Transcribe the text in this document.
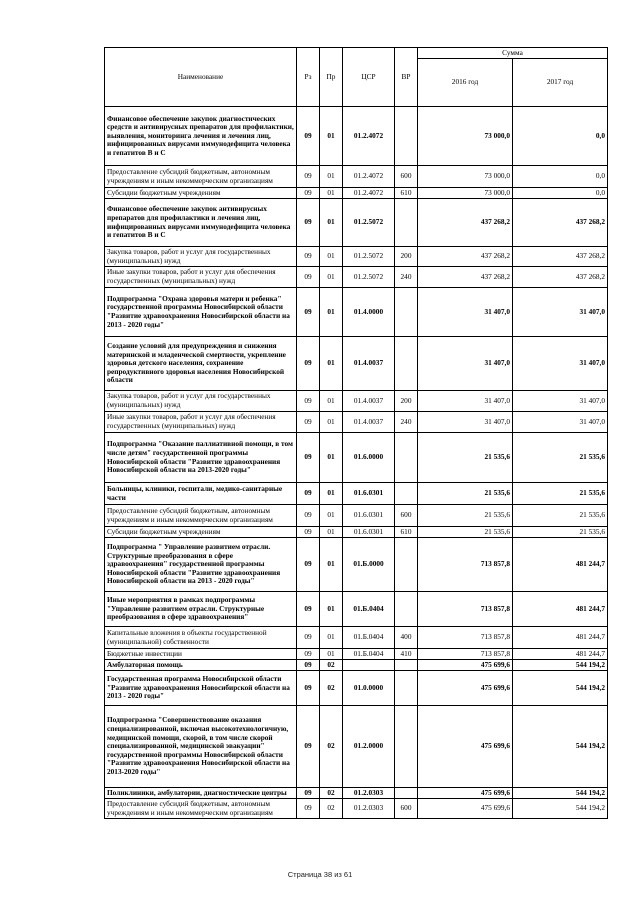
Наименование	Рз	Пр	ЦСР	ВР	Сумма	
					2016 год	2017 год
Финансовое обеспечение закупок диагностических средств и антивирусных препаратов для профилактики, выявления, мониторинга лечения и лечения лиц, инфицированных вирусами иммунодефицита человека и гепатитов В и С	09	01	01.2.4072		73 000,0	0,0
Предоставление субсидий бюджетным, автономным учреждениям и иным некоммерческим организациям	09	01	01.2.4072	600	73 000,0	0,0
Субсидии бюджетным учреждениям	09	01	01.2.4072	610	73 000,0	0,0
Финансовое обеспечение закупок антивирусных препаратов для профилактики и лечения лиц, инфицированных вирусами иммунодефицита человека и гепатитов В и С	09	01	01.2.5072		437 268,2	437 268,2
Закупка товаров, работ и услуг для государственных (муниципальных) нужд	09	01	01.2.5072	200	437 268,2	437 268,2
Иные закупки товаров, работ и услуг для обеспечения государственных (муниципальных) нужд	09	01	01.2.5072	240	437 268,2	437 268,2
Подпрограмма "Охрана здоровья матери и ребенка" государственной программы Новосибирской области "Развитие здравоохранения Новосибирской области на 2013 - 2020 годы"	09	01	01.4.0000		31 407,0	31 407,0
Создание условий для предупреждения и снижения материнской и младенческой смертности, укрепление здоровья детского населения, сохранение репродуктивного здоровья населения Новосибирской области	09	01	01.4.0037		31 407,0	31 407,0
Закупка товаров, работ и услуг для государственных (муниципальных) нужд	09	01	01.4.0037	200	31 407,0	31 407,0
Иные закупки товаров, работ и услуг для обеспечения государственных (муниципальных) нужд	09	01	01.4.0037	240	31 407,0	31 407,0
Подпрограмма "Оказание паллиативной помощи, в том числе детям" государственной программы Новосибирской области "Развитие здравоохранения Новосибирской области на 2013-2020 годы"	09	01	01.6.0000		21 535,6	21 535,6
Больницы, клиники, госпитали, медико-санитарные части	09	01	01.6.0301		21 535,6	21 535,6
Предоставление субсидий бюджетным, автономным учреждениям и иным некоммерческим организациям	09	01	01.6.0301	600	21 535,6	21 535,6
Субсидии бюджетным учреждениям	09	01	01.6.0301	610	21 535,6	21 535,6
Подпрограмма " Управление развитием отрасли. Структурные преобразования в сфере здравоохранения" государственной программы Новосибирской области "Развитие здравоохранения Новосибирской области на 2013 - 2020 годы"	09	01	01.Б.0000		713 857,8	481 244,7
Иные мероприятия в рамках подпрограммы "Управление развитием отрасли. Структурные преобразования в сфере здравоохранения"	09	01	01.Б.0404		713 857,8	481 244,7
Капитальные вложения в объекты государственной (муниципальной) собственности	09	01	01.Б.0404	400	713 857,8	481 244,7
Бюджетные инвестиции	09	01	01.Б.0404	410	713 857,8	481 244,7
Амбулаторная помощь	09	02			475 699,6	544 194,2
Государственная программа Новосибирской области "Развитие здравоохранения Новосибирской области на 2013 - 2020 годы"	09	02	01.0.0000		475 699,6	544 194,2
Подпрограмма "Совершенствование оказания специализированной, включая высокотехнологичную, медицинской помощи, скорой, в том числе скорой специализированной, медицинской эвакуации" государственной программы Новосибирской области "Развитие здравоохранения Новосибирской области на 2013-2020 годы"	09	02	01.2.0000		475 699,6	544 194,2
Поликлиники, амбулатории, диагностические центры	09	02	01.2.0303		475 699,6	544 194,2
Предоставление субсидий бюджетным, автономным учреждениям и иным некоммерческим организациям	09	02	01.2.0303	600	475 699,6	544 194,2
Страница 38 из 61
